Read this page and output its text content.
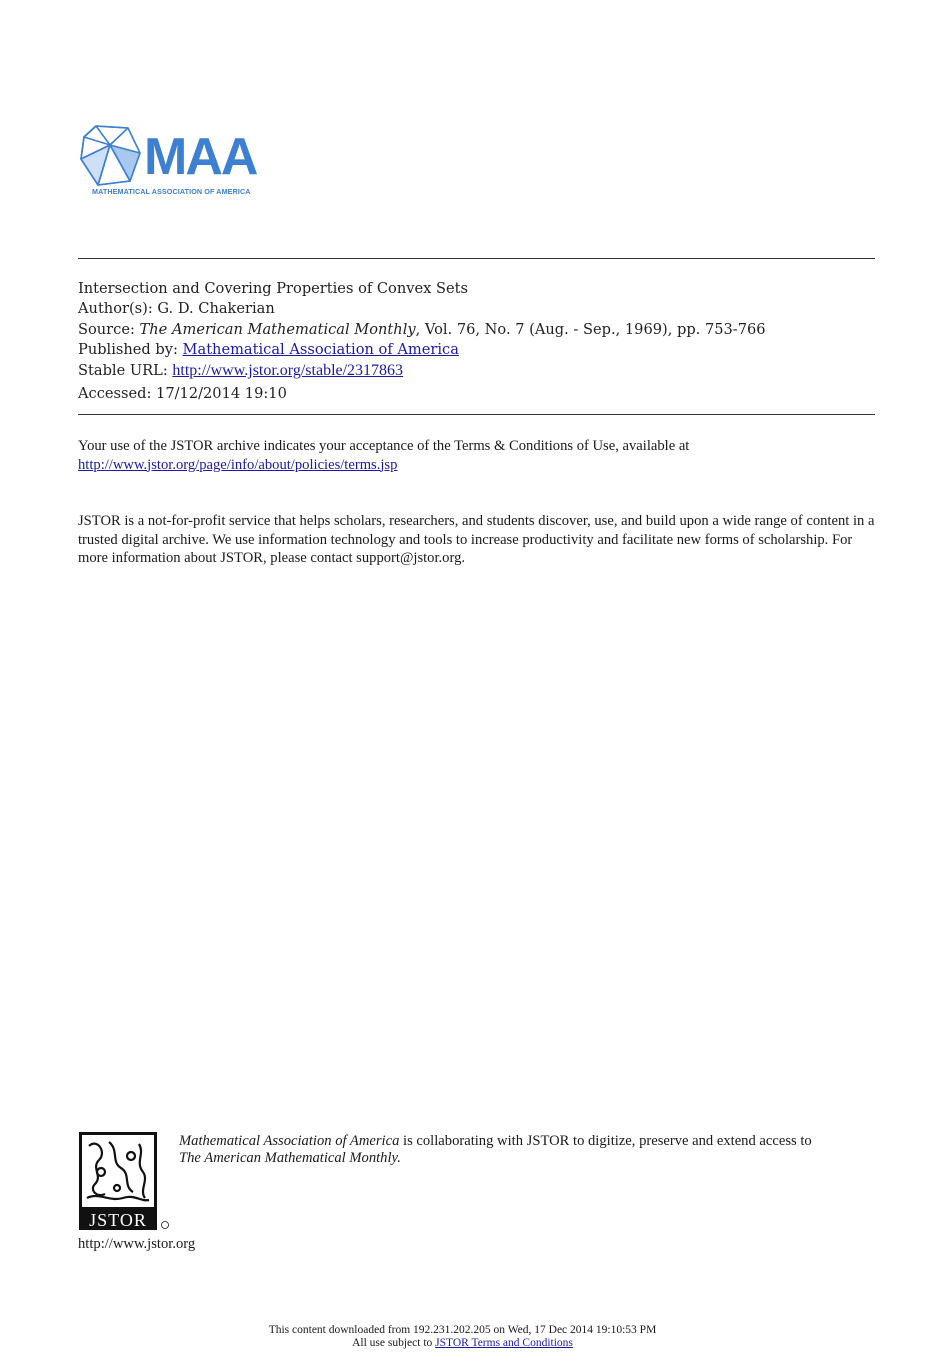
MAA
MATHEMATICAL ASSOCIATION OF AMERICA
Intersection and Covering Properties of Convex Sets
Author(s): G. D. Chakerian
Source: The American Mathematical Monthly, Vol. 76, No. 7 (Aug. - Sep., 1969), pp. 753-766
Published by: Mathematical Association of America
Stable URL: http://www.jstor.org/stable/2317863
Accessed: 17/12/2014 19:10
Your use of the JSTOR archive indicates your acceptance of the Terms & Conditions of Use, available at
http://www.jstor.org/page/info/about/policies/terms.jsp
JSTOR is a not-for-profit service that helps scholars, researchers, and students discover, use, and build upon a wide range of content in a trusted digital archive. We use information technology and tools to increase productivity and facilitate new forms of scholarship. For more information about JSTOR, please contact support@jstor.org.
JSTOR
Mathematical Association of America is collaborating with JSTOR to digitize, preserve and extend access to
The American Mathematical Monthly.
http://www.jstor.org
This content downloaded from 192.231.202.205 on Wed, 17 Dec 2014 19:10:53 PM
All use subject to JSTOR Terms and Conditions
